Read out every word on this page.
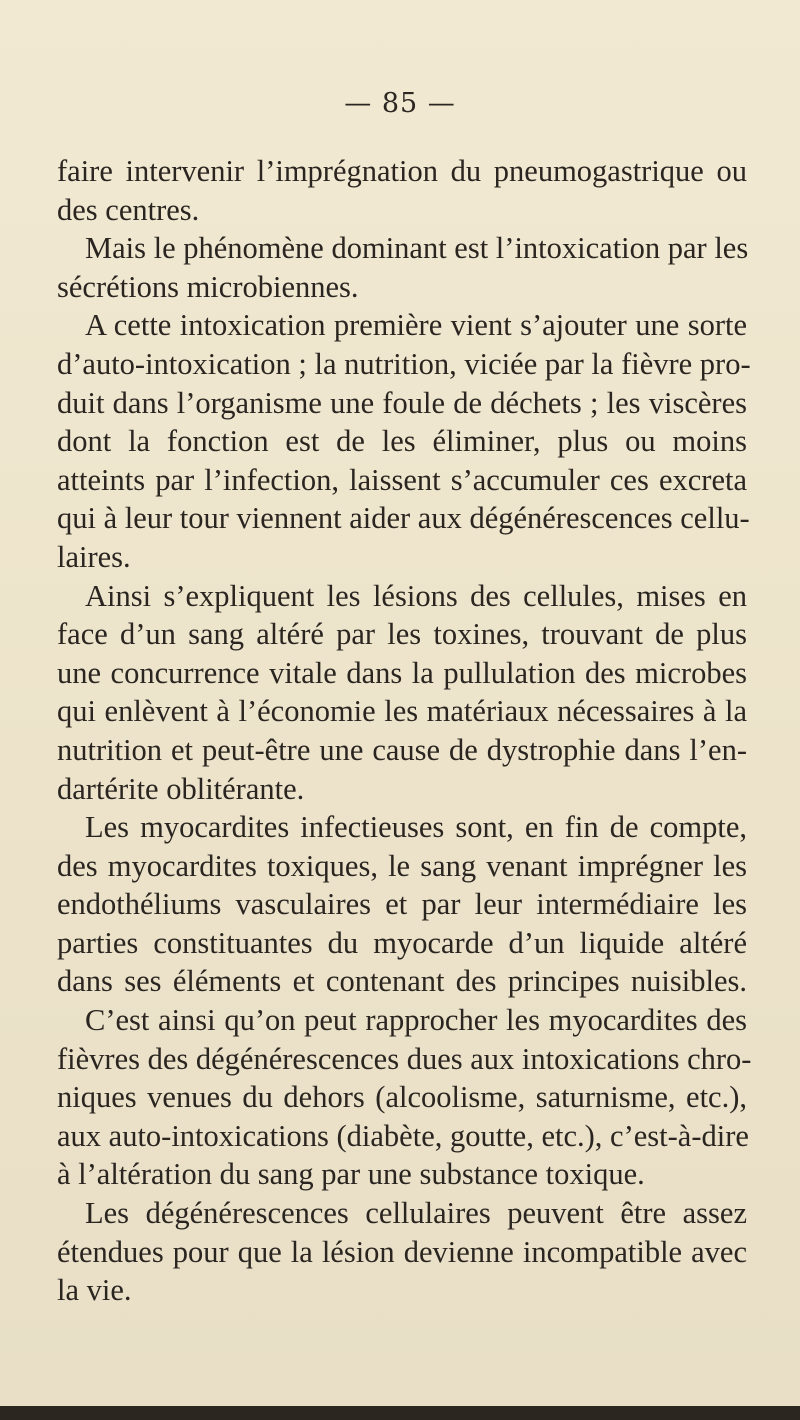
— 85 —
faire intervenir l’imprégnation du pneumogastrique ou
des centres.
Mais le phénomène dominant est l’intoxication par les
sécrétions microbiennes.
A cette intoxication première vient s’ajouter une sorte
d’auto-intoxication ; la nutrition, viciée par la fièvre pro-
duit dans l’organisme une foule de déchets ; les viscères
dont la fonction est de les éliminer, plus ou moins
atteints par l’infection, laissent s’accumuler ces excreta
qui à leur tour viennent aider aux dégénérescences cellu-
laires.
Ainsi s’expliquent les lésions des cellules, mises en
face d’un sang altéré par les toxines, trouvant de plus
une concurrence vitale dans la pullulation des microbes
qui enlèvent à l’économie les matériaux nécessaires à la
nutrition et peut-être une cause de dystrophie dans l’en-
dartérite oblitérante.
Les myocardites infectieuses sont, en fin de compte,
des myocardites toxiques, le sang venant imprégner les
endothéliums vasculaires et par leur intermédiaire les
parties constituantes du myocarde d’un liquide altéré
dans ses éléments et contenant des principes nuisibles.
C’est ainsi qu’on peut rapprocher les myocardites des
fièvres des dégénérescences dues aux intoxications chro-
niques venues du dehors (alcoolisme, saturnisme, etc.),
aux auto-intoxications (diabète, goutte, etc.), c’est-à-dire
à l’altération du sang par une substance toxique.
Les dégénérescences cellulaires peuvent être assez
étendues pour que la lésion devienne incompatible avec
la vie.
